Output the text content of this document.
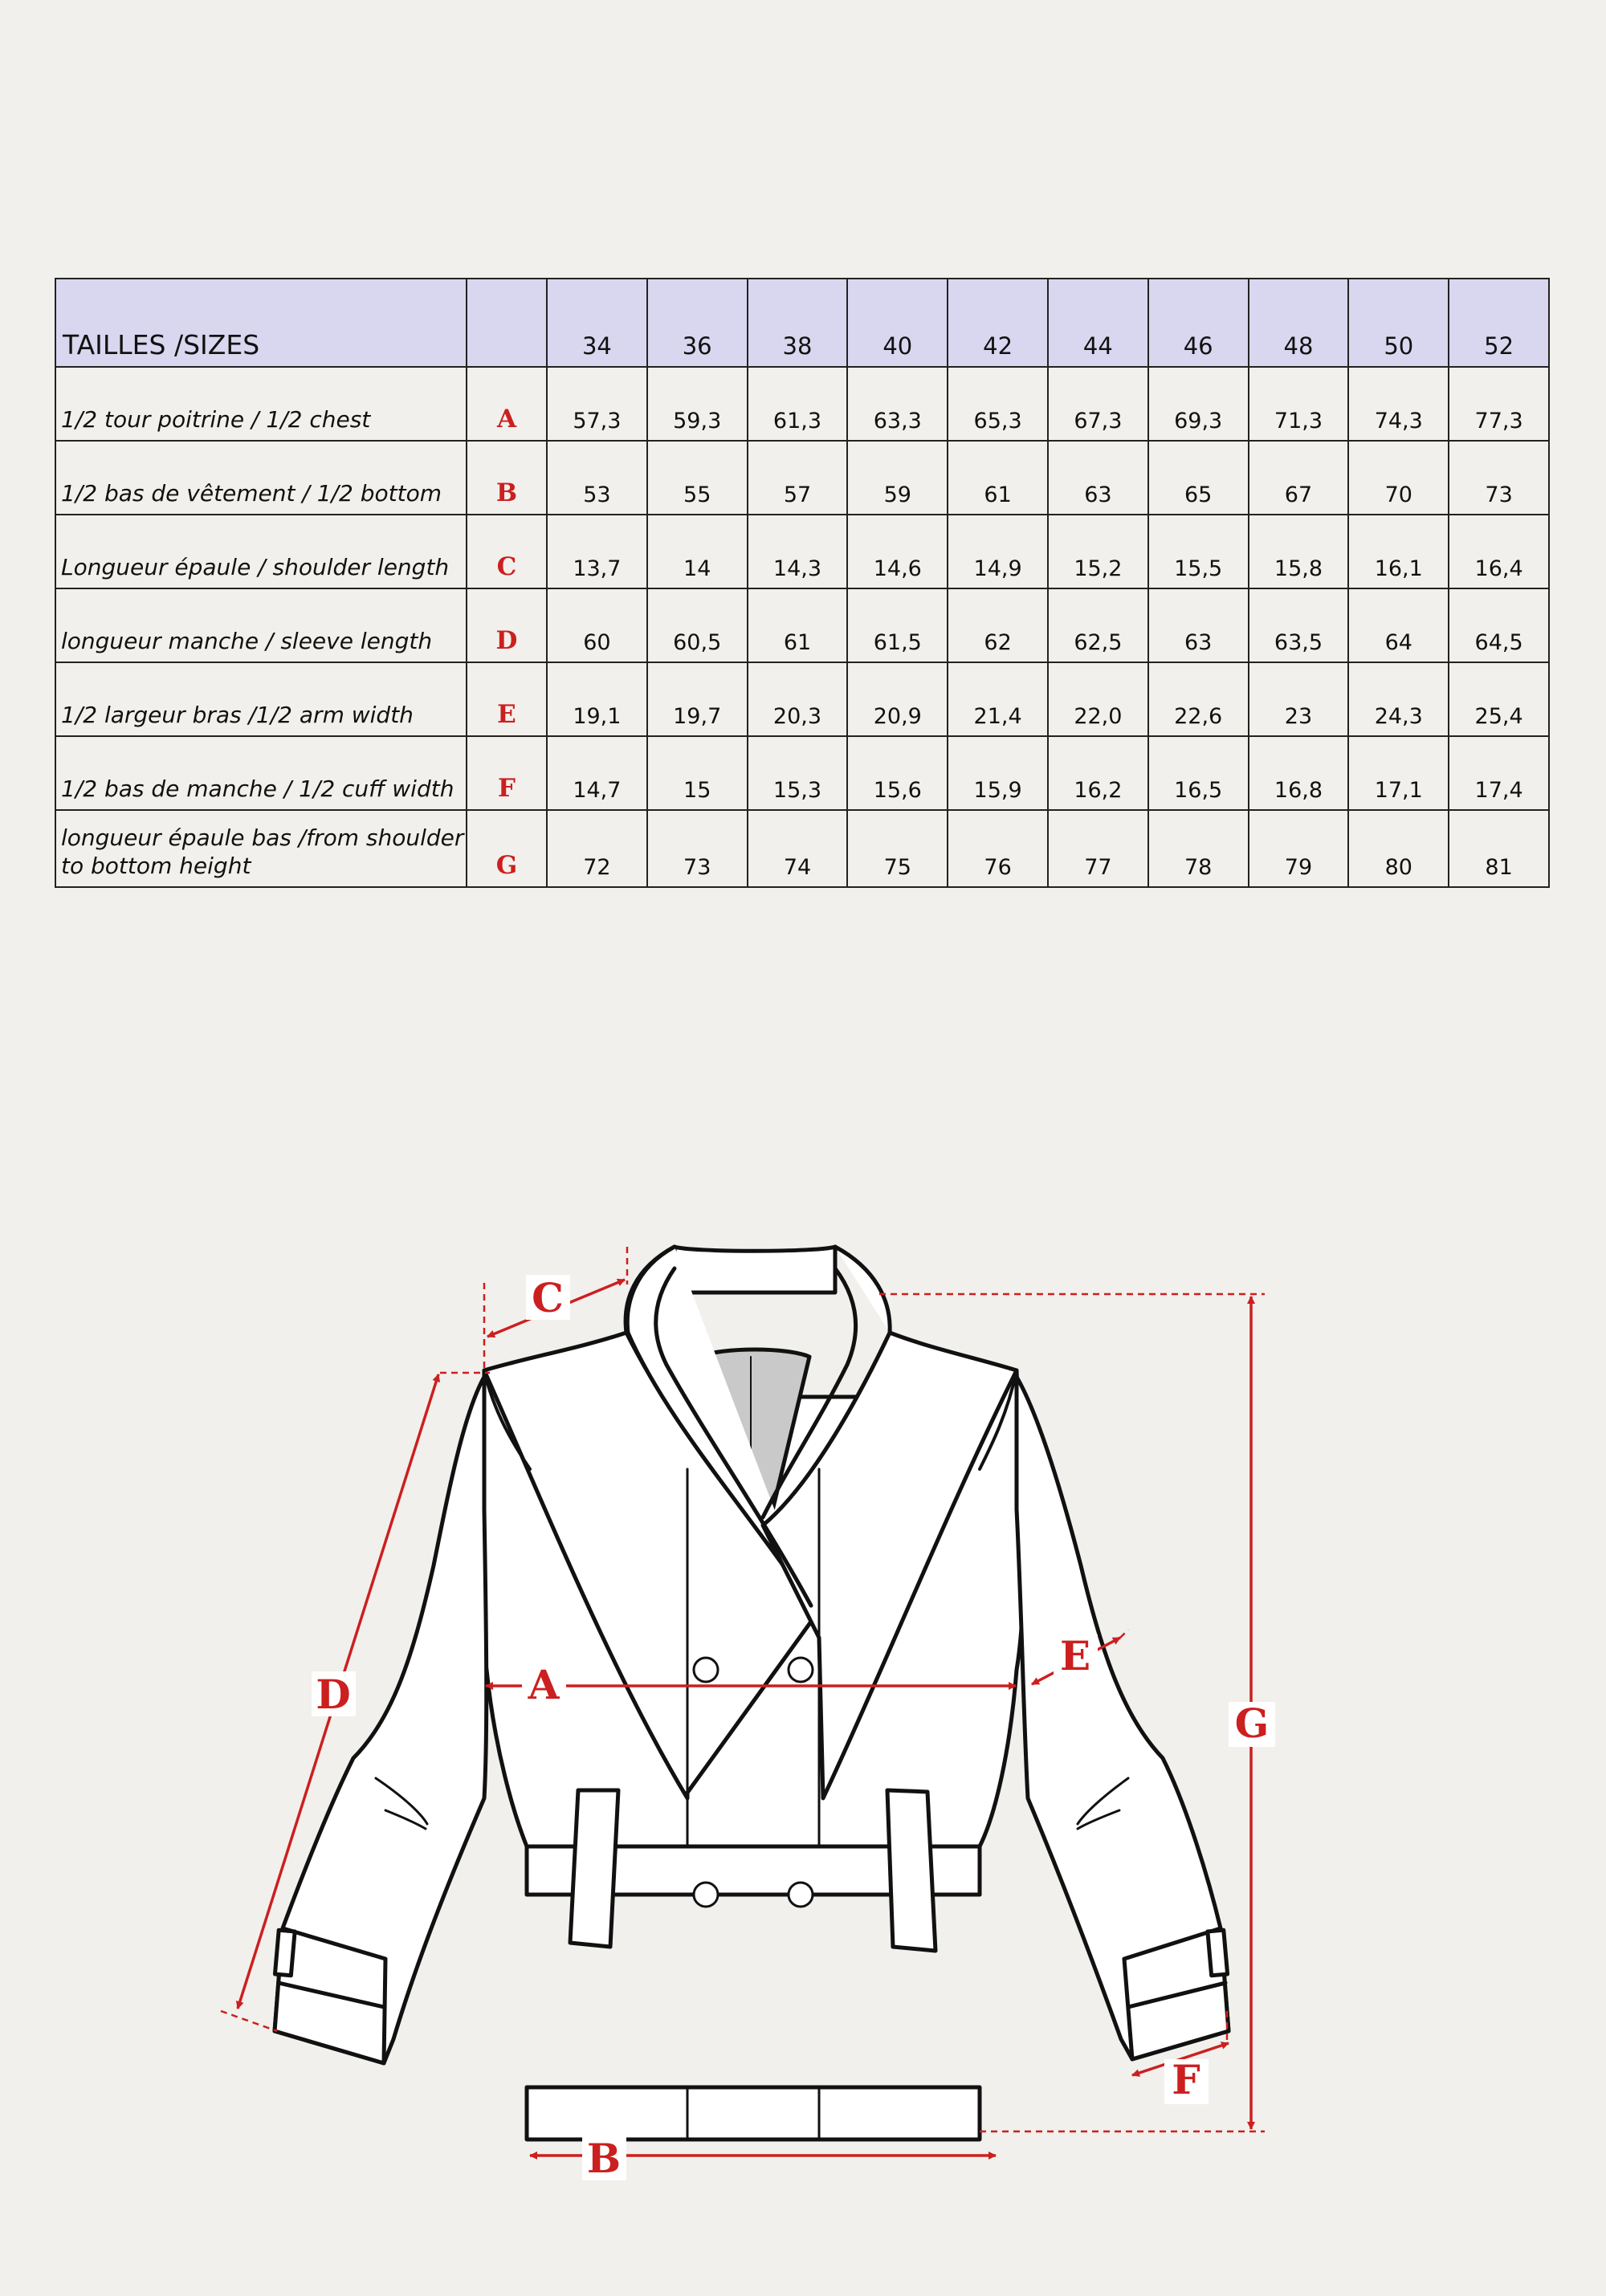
TAILLES /SIZES		34	36	38	40	42	44	46	48	50	52
1/2 tour poitrine / 1/2 chest	A	57,3	59,3	61,3	63,3	65,3	67,3	69,3	71,3	74,3	77,3
1/2 bas de vêtement / 1/2 bottom	B	53	55	57	59	61	63	65	67	70	73
Longueur épaule / shoulder length	C	13,7	14	14,3	14,6	14,9	15,2	15,5	15,8	16,1	16,4
longueur manche / sleeve length	D	60	60,5	61	61,5	62	62,5	63	63,5	64	64,5
1/2 largeur bras /1/2 arm width	E	19,1	19,7	20,3	20,9	21,4	22,0	22,6	23	24,3	25,4
1/2 bas de manche / 1/2 cuff width	F	14,7	15	15,3	15,6	15,9	16,2	16,5	16,8	17,1	17,4
longueur épaule bas /from shoulder to bottom height	G	72	73	74	75	76	77	78	79	80	81
A
B
C
D
E
F
G
